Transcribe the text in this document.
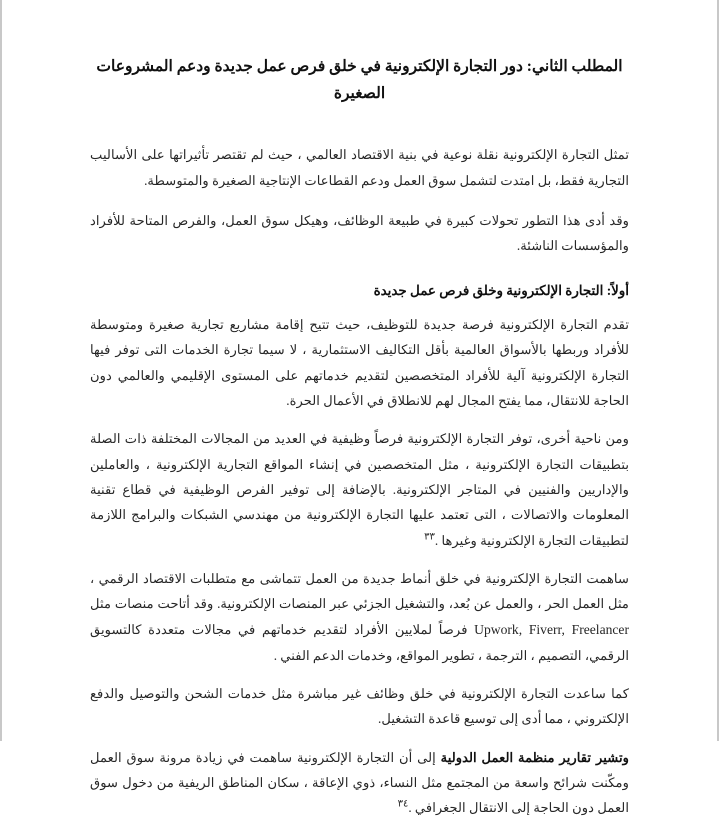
المطلب الثاني: دور التجارة الإلكترونية في خلق فرص عمل جديدة ودعم المشروعات
الصغيرة

تمثل التجارة الإلكترونية نقلة نوعية في بنية الاقتصاد العالمي ، حيث لم تقتصر تأثيراتها على الأساليب التجارية فقط، بل امتدت لتشمل سوق العمل ودعم القطاعات الإنتاجية الصغيرة والمتوسطة.

وقد أدى هذا التطور تحولات كبيرة في طبيعة الوظائف، وهيكل سوق العمل، والفرص المتاحة للأفراد والمؤسسات الناشئة.

أولاً: التجارة الإلكترونية وخلق فرص عمل جديدة

تقدم التجارة الإلكترونية فرصة جديدة للتوظيف، حيث تتيح إقامة مشاريع تجارية صغيرة ومتوسطة للأفراد وربطها بالأسواق العالمية بأقل التكاليف الاستثمارية ، لا سيما تجارة الخدمات التى توفر فيها التجارة الإلكترونية آلية للأفراد المتخصصين لتقديم خدماتهم على المستوى الإقليمي والعالمي دون الحاجة للانتقال، مما يفتح المجال لهم للانطلاق في الأعمال الحرة.

ومن ناحية أخرى، توفر التجارة الإلكترونية فرصاً وظيفية في العديد من المجالات المختلفة ذات الصلة بتطبيقات التجارة الإلكترونية ، مثل المتخصصين في إنشاء المواقع التجارية الإلكترونية ، والعاملين والإداريين والفنيين في المتاجر الإلكترونية. بالإضافة إلى توفير الفرص الوظيفية في قطاع تقنية المعلومات والاتصالات ، التى تعتمد عليها التجارة الإلكترونية من مهندسي الشبكات والبرامج اللازمة لتطبيقات التجارة الإلكترونية وغيرها .$^{٣٣}$

ساهمت التجارة الإلكترونية في خلق أنماط جديدة من العمل تتماشى مع متطلبات الاقتصاد الرقمي ، مثل العمل الحر ، والعمل عن بُعد، والتشغيل الجزئي عبر المنصات الإلكترونية. وقد أتاحت منصات مثل Upwork, Fiverr, Freelancer فرصاً لملايين الأفراد لتقديم خدماتهم في مجالات متعددة كالتسويق الرقمي، التصميم ، الترجمة ، تطوير المواقع، وخدمات الدعم الفني .

كما ساعدت التجارة الإلكترونية في خلق وظائف غير مباشرة مثل خدمات الشحن والتوصيل والدفع الإلكتروني ، مما أدى إلى توسيع قاعدة التشغيل.

وتشير تقارير منظمة العمل الدولية إلى أن التجارة الإلكترونية ساهمت في زيادة مرونة سوق العمل ومكّنت شرائح واسعة من المجتمع مثل النساء، ذوي الإعاقة ، سكان المناطق الريفية من دخول سوق العمل دون الحاجة إلى الانتقال الجغرافي .$^{٣٤}$
